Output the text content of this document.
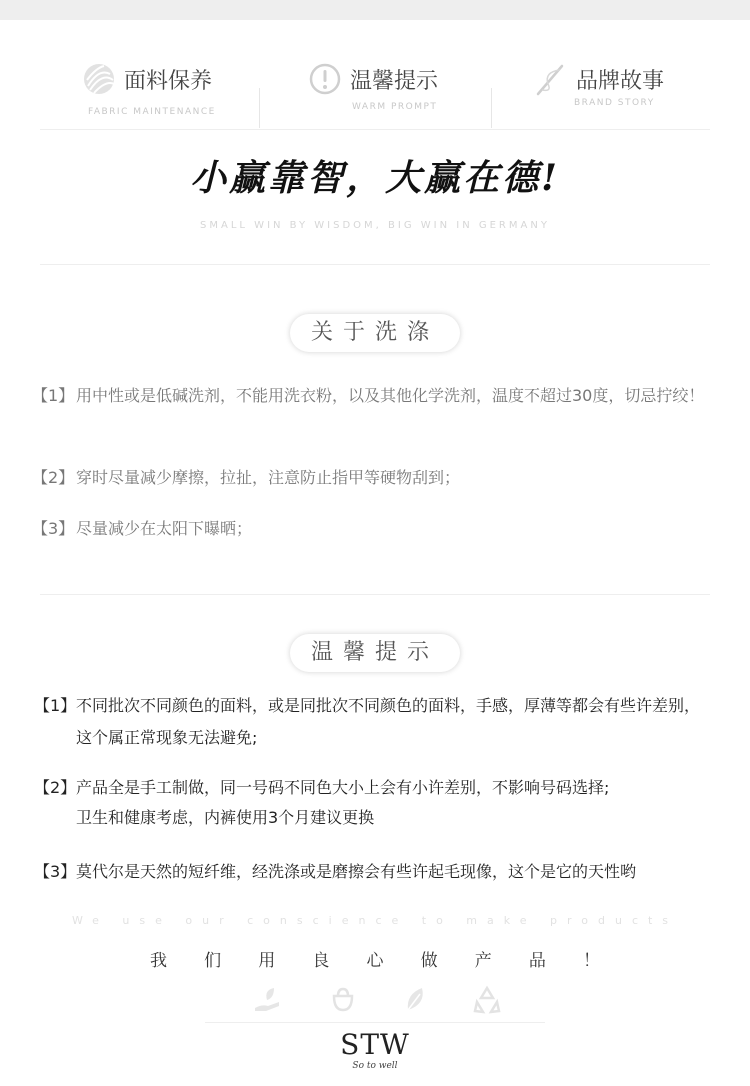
面料保养
FABRIC MAINTENANCE
温馨提示
WARM PROMPT
品牌故事
BRAND STORY
小赢靠智，大赢在德!
SMALL WIN BY WISDOM, BIG WIN IN GERMANY
关于洗涤
【1】 用中性或是低碱洗剂，不能用洗衣粉，以及其他化学洗剂，温度不超过30度，切忌拧绞！
【2】 穿时尽量减少摩擦，拉扯，注意防止指甲等硬物刮到；
【3】 尽量减少在太阳下曝晒；
温馨提示
【1】 不同批次不同颜色的面料，或是同批次不同颜色的面料，手感，厚薄等都会有些许差别，这个属正常现象无法避免;
【2】 产品全是手工制做，同一号码不同色大小上会有小许差别，不影响号码选择;
卫生和健康考虑，内裤使用3个月建议更换
【3】 莫代尔是天然的短纤维，经洗涤或是磨擦会有些许起毛现像，这个是它的天性哟
We use our conscience to make products
我 们 用 良 心 做 产 品 ！
STW
So to well
